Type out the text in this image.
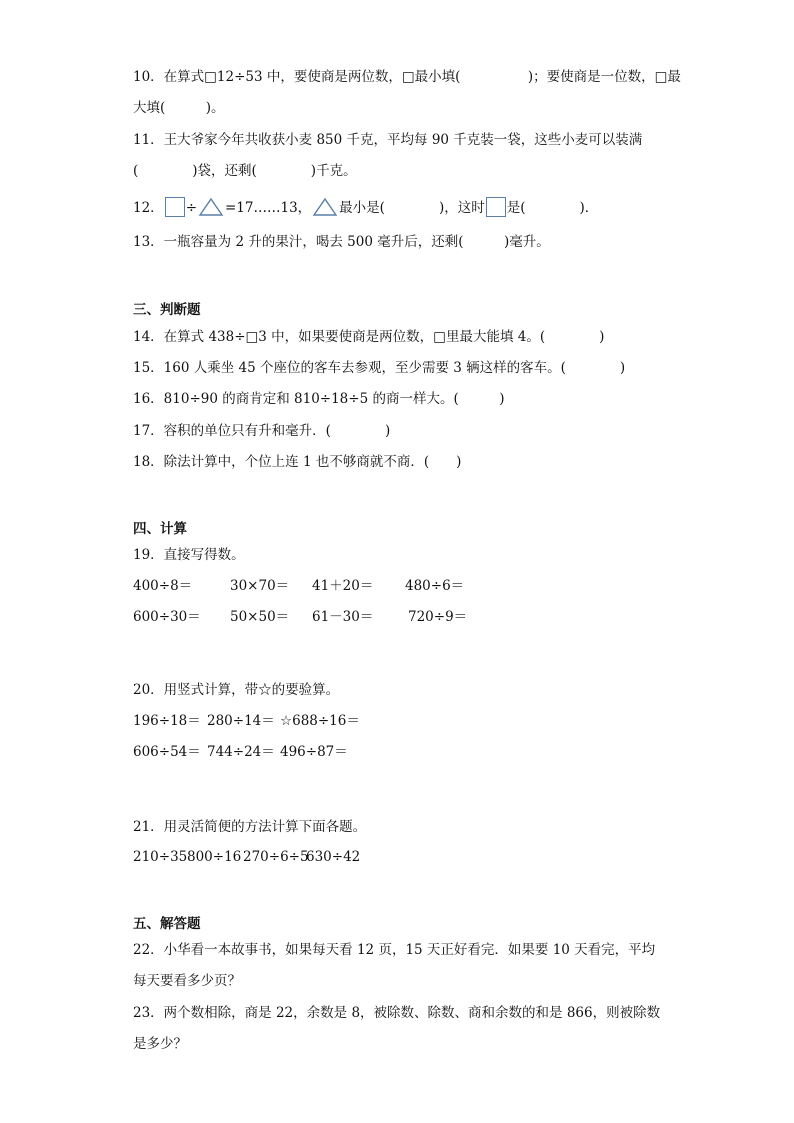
10．在算式□12÷53 中，要使商是两位数，□最小填(　　　　　)；要使商是一位数，□最
大填(　　　)。
11．王大爷家今年共收获小麦 850 千克，平均每 90 千克装一袋，这些小麦可以装满
(　　　　)袋，还剩(　　　　)千克。
12． ÷ =17……13， 最小是(　　　　)，这时 是(　　　　)．
13．一瓶容量为 2 升的果汁，喝去 500 毫升后，还剩(　　　)毫升。
三、判断题
14．在算式 438÷□3 中，如果要使商是两位数，□里最大能填 4。(　　　　)
15．160 人乘坐 45 个座位的客车去参观，至少需要 3 辆这样的客车。(　　　　)
16．810÷90 的商肯定和 810÷18÷5 的商一样大。(　　　)
17．容积的单位只有升和毫升．(　　　　)
18．除法计算中，个位上连 1 也不够商就不商．(　　)
四、计算
19．直接写得数。
400÷8＝	30×70＝ 41＋20＝ 480÷6＝
600÷30＝ 50×50＝ 61－30＝	720÷9＝
20．用竖式计算，带☆的要验算。
196÷18＝ 280÷14＝ ☆688÷16＝
606÷54＝ 744÷24＝ 496÷87＝
21．用灵活简便的方法计算下面各题。
210÷35 800÷16 270÷6÷5
630÷42
五、解答题
22．小华看一本故事书，如果每天看 12 页，15 天正好看完．如果要 10 天看完，平均
每天要看多少页？
23．两个数相除，商是 22，余数是 8，被除数、除数、商和余数的和是 866，则被除数
是多少？
